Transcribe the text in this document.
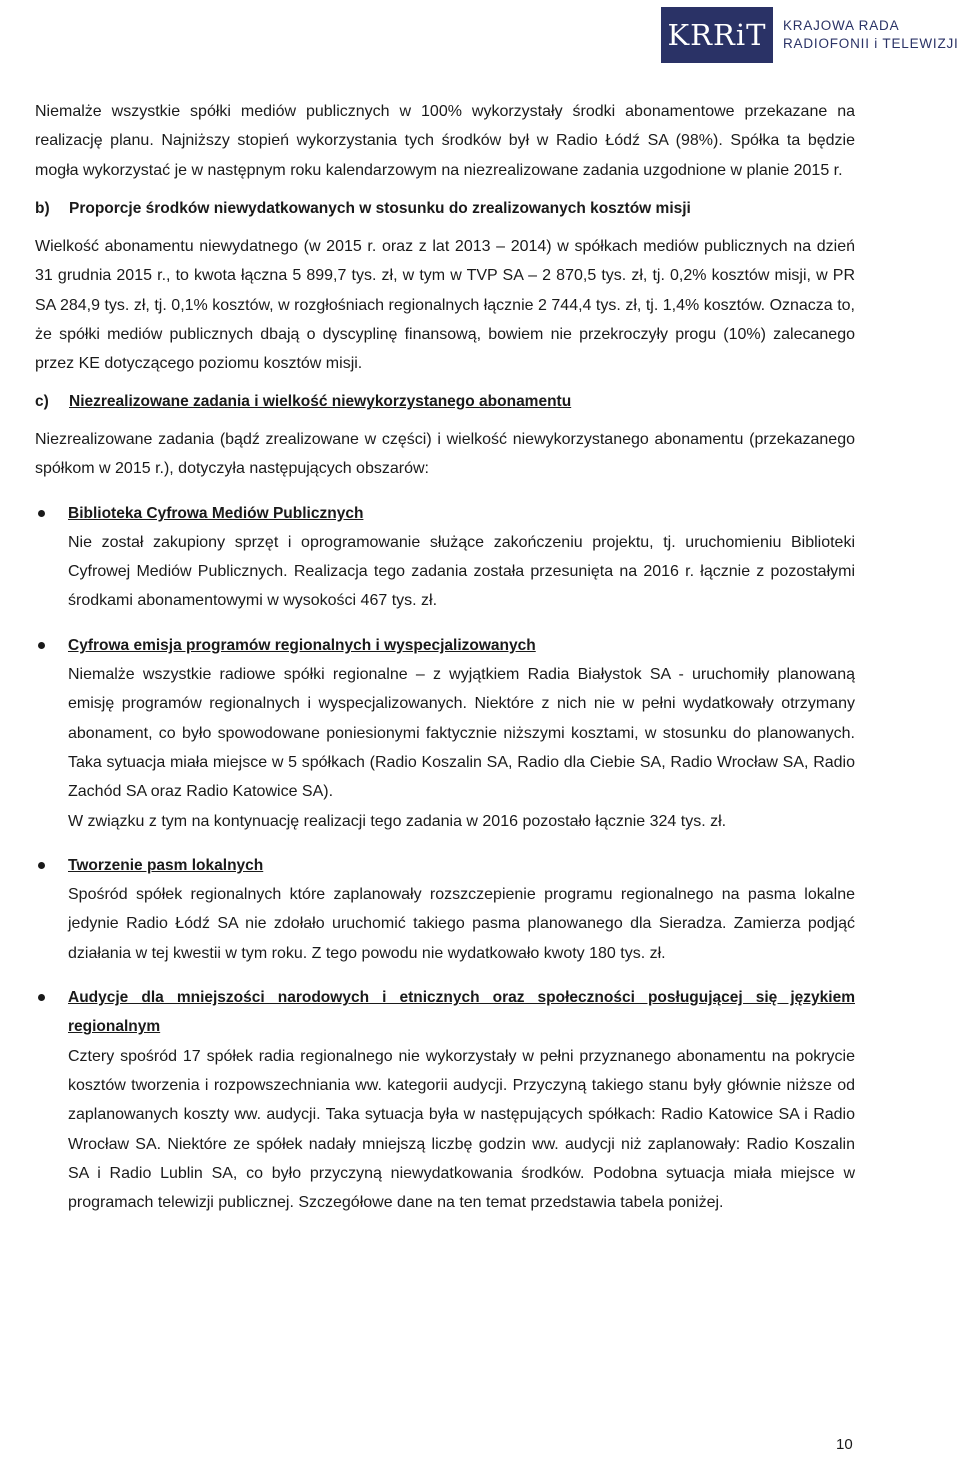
KRRiT	KRAJOWA RADA
RADIOFONII i TELEWIZJI

Niemalże wszystkie spółki mediów publicznych w 100% wykorzystały środki abonamentowe przekazane na realizację planu. Najniższy stopień wykorzystania tych środków był w Radio Łódź SA (98%). Spółka ta będzie mogła wykorzystać je w następnym roku kalendarzowym na niezrealizowane zadania uzgodnione w planie 2015 r.

b)	Proporcje środków niewydatkowanych w stosunku do zrealizowanych kosztów misji

Wielkość abonamentu niewydatnego (w 2015 r. oraz z lat 2013 – 2014) w spółkach mediów publicznych na dzień 31 grudnia 2015 r., to kwota łączna 5 899,7 tys. zł, w tym w TVP SA – 2 870,5 tys. zł, tj. 0,2% kosztów misji, w PR SA 284,9 tys. zł, tj. 0,1% kosztów, w rozgłośniach regionalnych łącznie 2 744,4 tys. zł, tj. 1,4% kosztów. Oznacza to, że spółki mediów publicznych dbają o dyscyplinę finansową, bowiem nie przekroczyły progu (10%) zalecanego przez KE dotyczącego poziomu kosztów misji.

c)	Niezrealizowane zadania i wielkość niewykorzystanego abonamentu

Niezrealizowane zadania (bądź zrealizowane w części) i wielkość niewykorzystanego abonamentu (przekazanego spółkom w 2015 r.), dotyczyła następujących obszarów:

Biblioteka Cyfrowa Mediów Publicznych

Nie został zakupiony sprzęt i oprogramowanie służące zakończeniu projektu, tj. uruchomieniu Biblioteki Cyfrowej Mediów Publicznych. Realizacja tego zadania została przesunięta na 2016 r. łącznie z pozostałymi środkami abonamentowymi w wysokości 467 tys. zł.

Cyfrowa emisja programów regionalnych i wyspecjalizowanych

Niemalże wszystkie radiowe spółki regionalne – z wyjątkiem Radia Białystok SA - uruchomiły planowaną emisję programów regionalnych i wyspecjalizowanych. Niektóre z nich nie w pełni wydatkowały otrzymany abonament, co było spowodowane poniesionymi faktycznie niższymi kosztami, w stosunku do planowanych. Taka sytuacja miała miejsce w 5 spółkach (Radio Koszalin SA, Radio dla Ciebie SA, Radio Wrocław SA, Radio Zachód SA oraz Radio Katowice SA).

W związku z tym na kontynuację realizacji tego zadania w 2016 pozostało łącznie 324 tys. zł.

Tworzenie pasm lokalnych

Spośród spółek regionalnych które zaplanowały rozszczepienie programu regionalnego na pasma lokalne jedynie Radio Łódź SA nie zdołało uruchomić takiego pasma planowanego dla Sieradza. Zamierza podjąć działania w tej kwestii w tym roku. Z tego powodu nie wydatkowało kwoty 180 tys. zł.

Audycje dla mniejszości narodowych i etnicznych oraz społeczności posługującej się językiem regionalnym

Cztery spośród 17 spółek radia regionalnego nie wykorzystały w pełni przyznanego abonamentu na pokrycie kosztów tworzenia i rozpowszechniania ww. kategorii audycji. Przyczyną takiego stanu były głównie niższe od zaplanowanych koszty ww. audycji. Taka sytuacja była w następujących spółkach: Radio Katowice SA i Radio Wrocław SA. Niektóre ze spółek nadały mniejszą liczbę godzin ww. audycji niż zaplanowały: Radio Koszalin SA i Radio Lublin SA, co było przyczyną niewydatkowania środków. Podobna sytuacja miała miejsce w programach telewizji publicznej. Szczegółowe dane na ten temat przedstawia tabela poniżej.

10
